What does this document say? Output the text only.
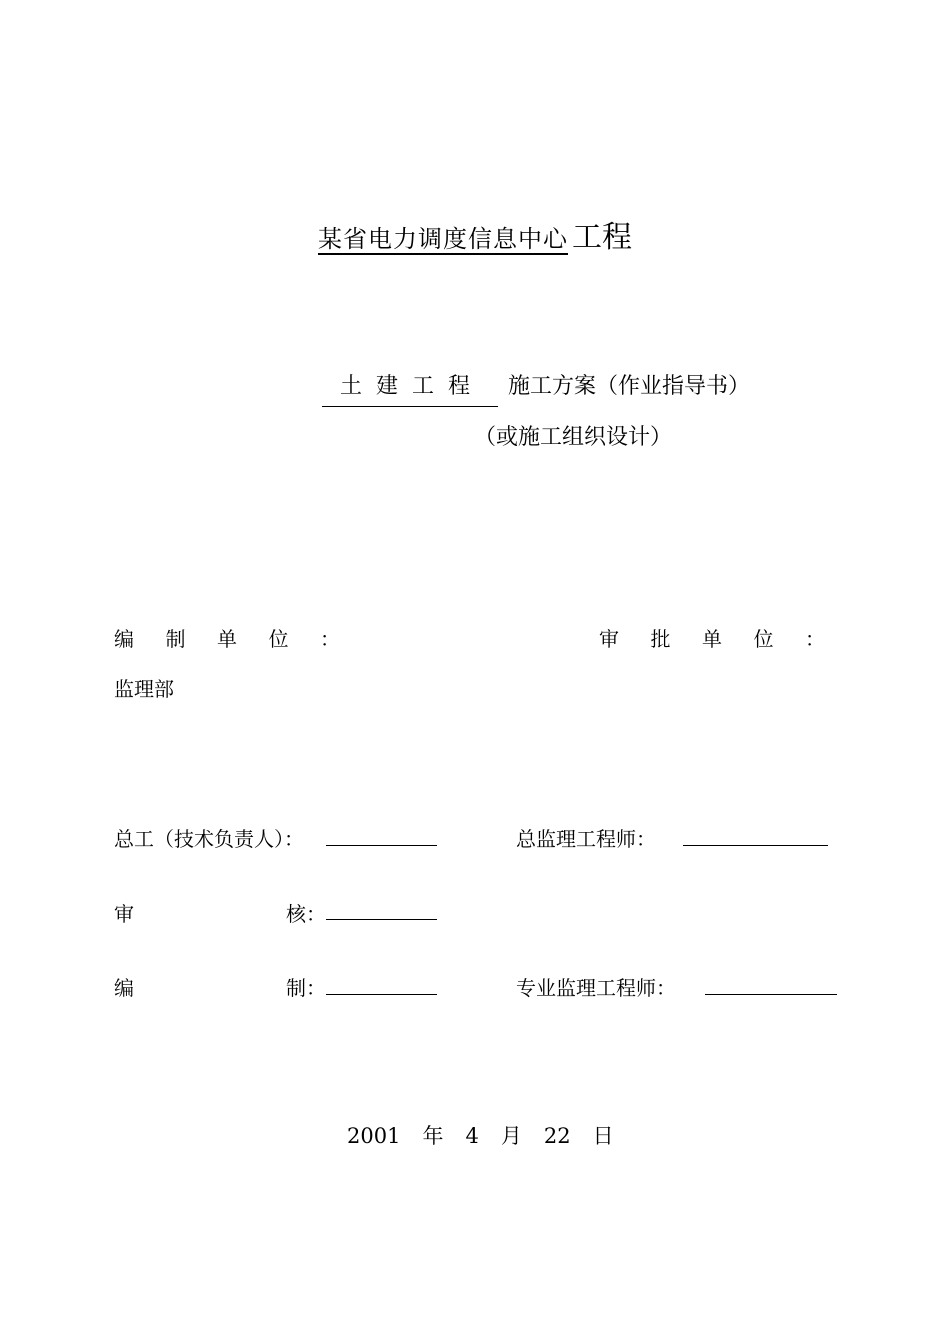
某省电力调度信息中心 工程
土建工程 施工方案（作业指导书）
（或施工组织设计）
编 制 单 位 ：	审 批 单 位 ：
监理部
总工（技术负责人）：	总监理工程师：
审	核：
编	制：	专业监理工程师：
2001 年 4 月 22 日
